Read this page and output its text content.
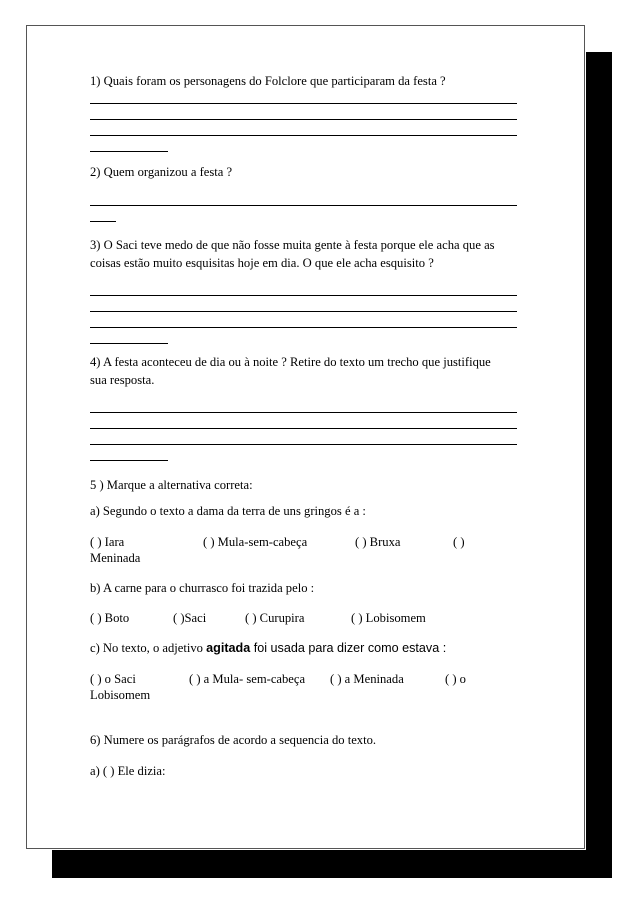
1) Quais foram os personagens do Folclore que participaram da festa ?

2) Quem organizou a festa ?

3) O Saci teve medo de que não fosse muita gente à festa porque ele acha que as

coisas estão muito esquisitas hoje em dia. O que ele acha esquisito ?

4) A festa aconteceu de dia ou à noite ? Retire do texto um trecho que justifique

sua resposta.

5 ) Marque a alternativa correta:

a) Segundo o texto a dama da terra de uns gringos é a :

( ) Iara	( ) Mula-sem-cabeça	( ) Bruxa	( )

Meninada

b) A carne para o churrasco foi trazida pelo :

( ) Boto	( )Saci	( ) Curupira	( ) Lobisomem

c) No texto, o adjetivo agitada foi usada para dizer como estava :

( ) o Saci	( ) a Mula- sem-cabeça ( ) a Meninada	( ) o

Lobisomem

6) Numere os parágrafos de acordo a sequencia do texto.

a) ( ) Ele dizia:
